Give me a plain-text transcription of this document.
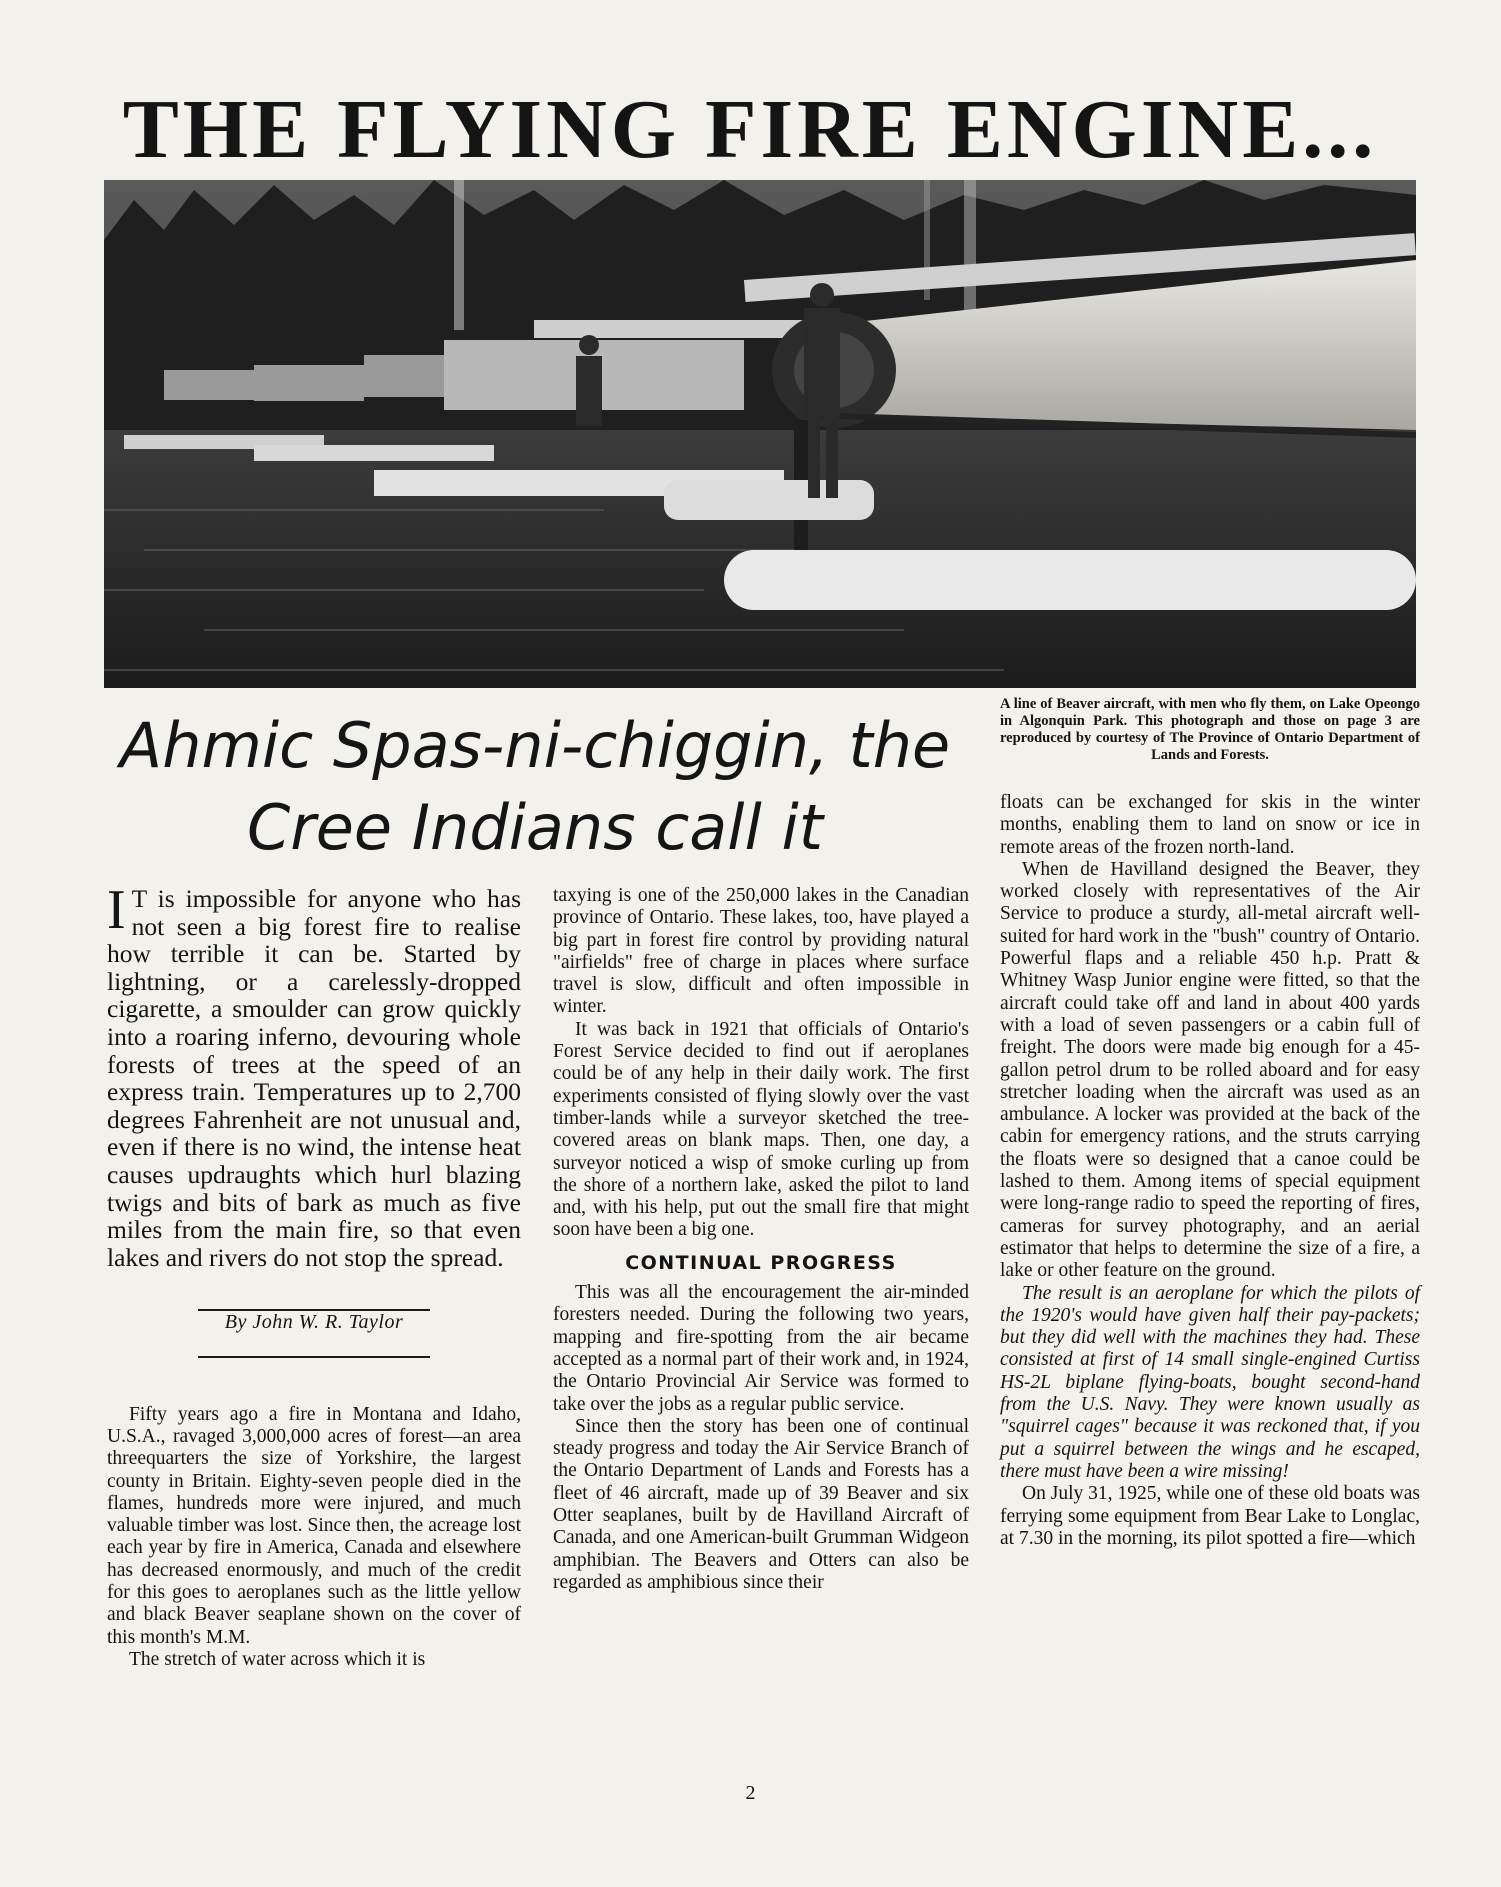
THE FLYING FIRE ENGINE...
A line of Beaver aircraft, with men who fly them, on Lake Opeongo in Algonquin Park. This photograph and those on page 3 are reproduced by courtesy of The Province of Ontario Department of Lands and Forests.
Ahmic Spas-ni-chiggin, the
Cree Indians call it

I T is impossible for anyone who has not seen a big forest fire to realise how terrible it can be. Started by lightning, or a carelessly-dropped cigarette, a smoulder can grow quickly into a roaring inferno, devouring whole forests of trees at the speed of an express train. Temperatures up to 2,700 degrees Fahrenheit are not unusual and, even if there is no wind, the intense heat causes updraughts which hurl blazing twigs and bits of bark as much as five miles from the main fire, so that even lakes and rivers do not stop the spread.

By John W. R. Taylor

Fifty years ago a fire in Montana and Idaho, U.S.A., ravaged 3,000,000 acres of forest—an area threequarters the size of Yorkshire, the largest county in Britain. Eighty-seven people died in the flames, hundreds more were injured, and much valuable timber was lost. Since then, the acreage lost each year by fire in America, Canada and elsewhere has decreased enormously, and much of the credit for this goes to aeroplanes such as the little yellow and black Beaver seaplane shown on the cover of this month's M.M.

The stretch of water across which it is

taxying is one of the 250,000 lakes in the Canadian province of Ontario. These lakes, too, have played a big part in forest fire control by providing natural "airfields" free of charge in places where surface travel is slow, difficult and often impossible in winter.

It was back in 1921 that officials of Ontario's Forest Service decided to find out if aeroplanes could be of any help in their daily work. The first experiments consisted of flying slowly over the vast timber-lands while a surveyor sketched the tree-covered areas on blank maps. Then, one day, a surveyor noticed a wisp of smoke curling up from the shore of a northern lake, asked the pilot to land and, with his help, put out the small fire that might soon have been a big one.

CONTINUAL PROGRESS

This was all the encouragement the air-minded foresters needed. During the following two years, mapping and fire-spotting from the air became accepted as a normal part of their work and, in 1924, the Ontario Provincial Air Service was formed to take over the jobs as a regular public service.

Since then the story has been one of continual steady progress and today the Air Service Branch of the Ontario Department of Lands and Forests has a fleet of 46 aircraft, made up of 39 Beaver and six Otter seaplanes, built by de Havilland Aircraft of Canada, and one American-built Grumman Widgeon amphibian. The Beavers and Otters can also be regarded as amphibious since their

floats can be exchanged for skis in the winter months, enabling them to land on snow or ice in remote areas of the frozen north-land.

When de Havilland designed the Beaver, they worked closely with representatives of the Air Service to produce a sturdy, all-metal aircraft well-suited for hard work in the "bush" country of Ontario. Powerful flaps and a reliable 450 h.p. Pratt & Whitney Wasp Junior engine were fitted, so that the aircraft could take off and land in about 400 yards with a load of seven passengers or a cabin full of freight. The doors were made big enough for a 45-gallon petrol drum to be rolled aboard and for easy stretcher loading when the aircraft was used as an ambulance. A locker was provided at the back of the cabin for emergency rations, and the struts carrying the floats were so designed that a canoe could be lashed to them. Among items of special equipment were long-range radio to speed the reporting of fires, cameras for survey photography, and an aerial estimator that helps to determine the size of a fire, a lake or other feature on the ground.

The result is an aeroplane for which the pilots of the 1920's would have given half their pay-packets; but they did well with the machines they had. These consisted at first of 14 small single-engined Curtiss HS-2L biplane flying-boats, bought second-hand from the U.S. Navy. They were known usually as "squirrel cages" because it was reckoned that, if you put a squirrel between the wings and he escaped, there must have been a wire missing!

On July 31, 1925, while one of these old boats was ferrying some equipment from Bear Lake to Longlac, at 7.30 in the morning, its pilot spotted a fire—which

2
